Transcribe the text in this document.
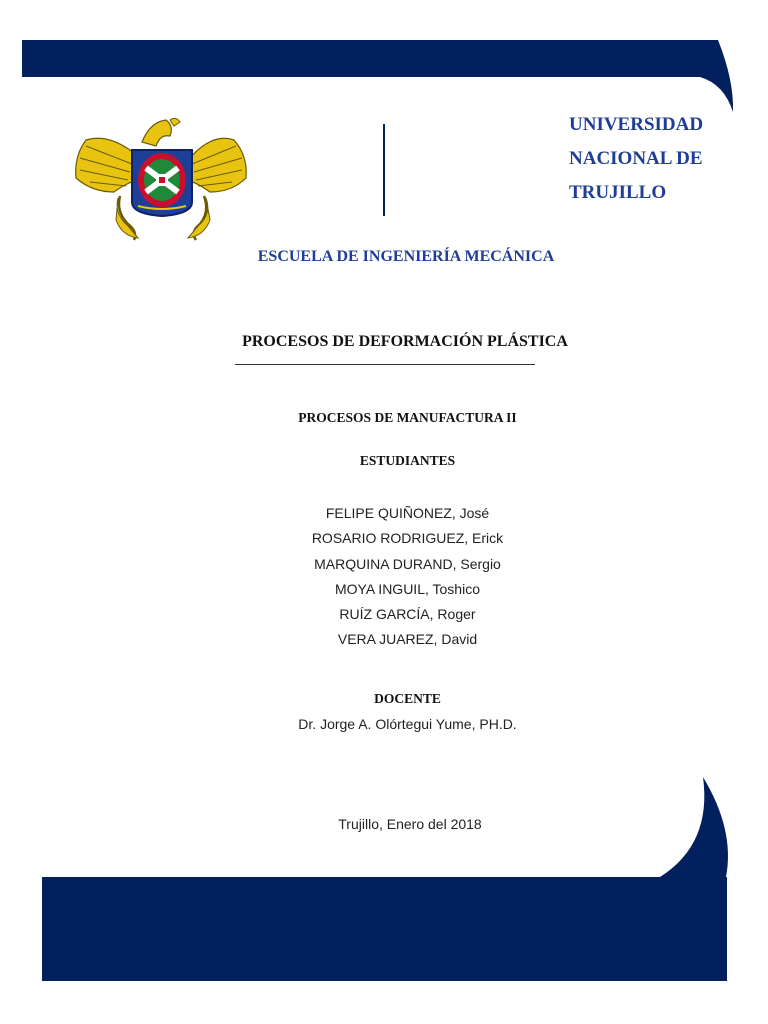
UNIVERSIDAD
NACIONAL DE
TRUJILLO
ESCUELA DE INGENIERÍA MECÁNICA
PROCESOS DE DEFORMACIÓN PLÁSTICA
PROCESOS DE MANUFACTURA II
ESTUDIANTES
FELIPE QUIÑONEZ, José
ROSARIO RODRIGUEZ, Erick
MARQUINA DURAND, Sergio
MOYA INGUIL, Toshico
RUÍZ GARCÍA, Roger
VERA JUAREZ, David
DOCENTE
Dr. Jorge A. Olórtegui Yume, PH.D.
Trujillo, Enero del 2018
